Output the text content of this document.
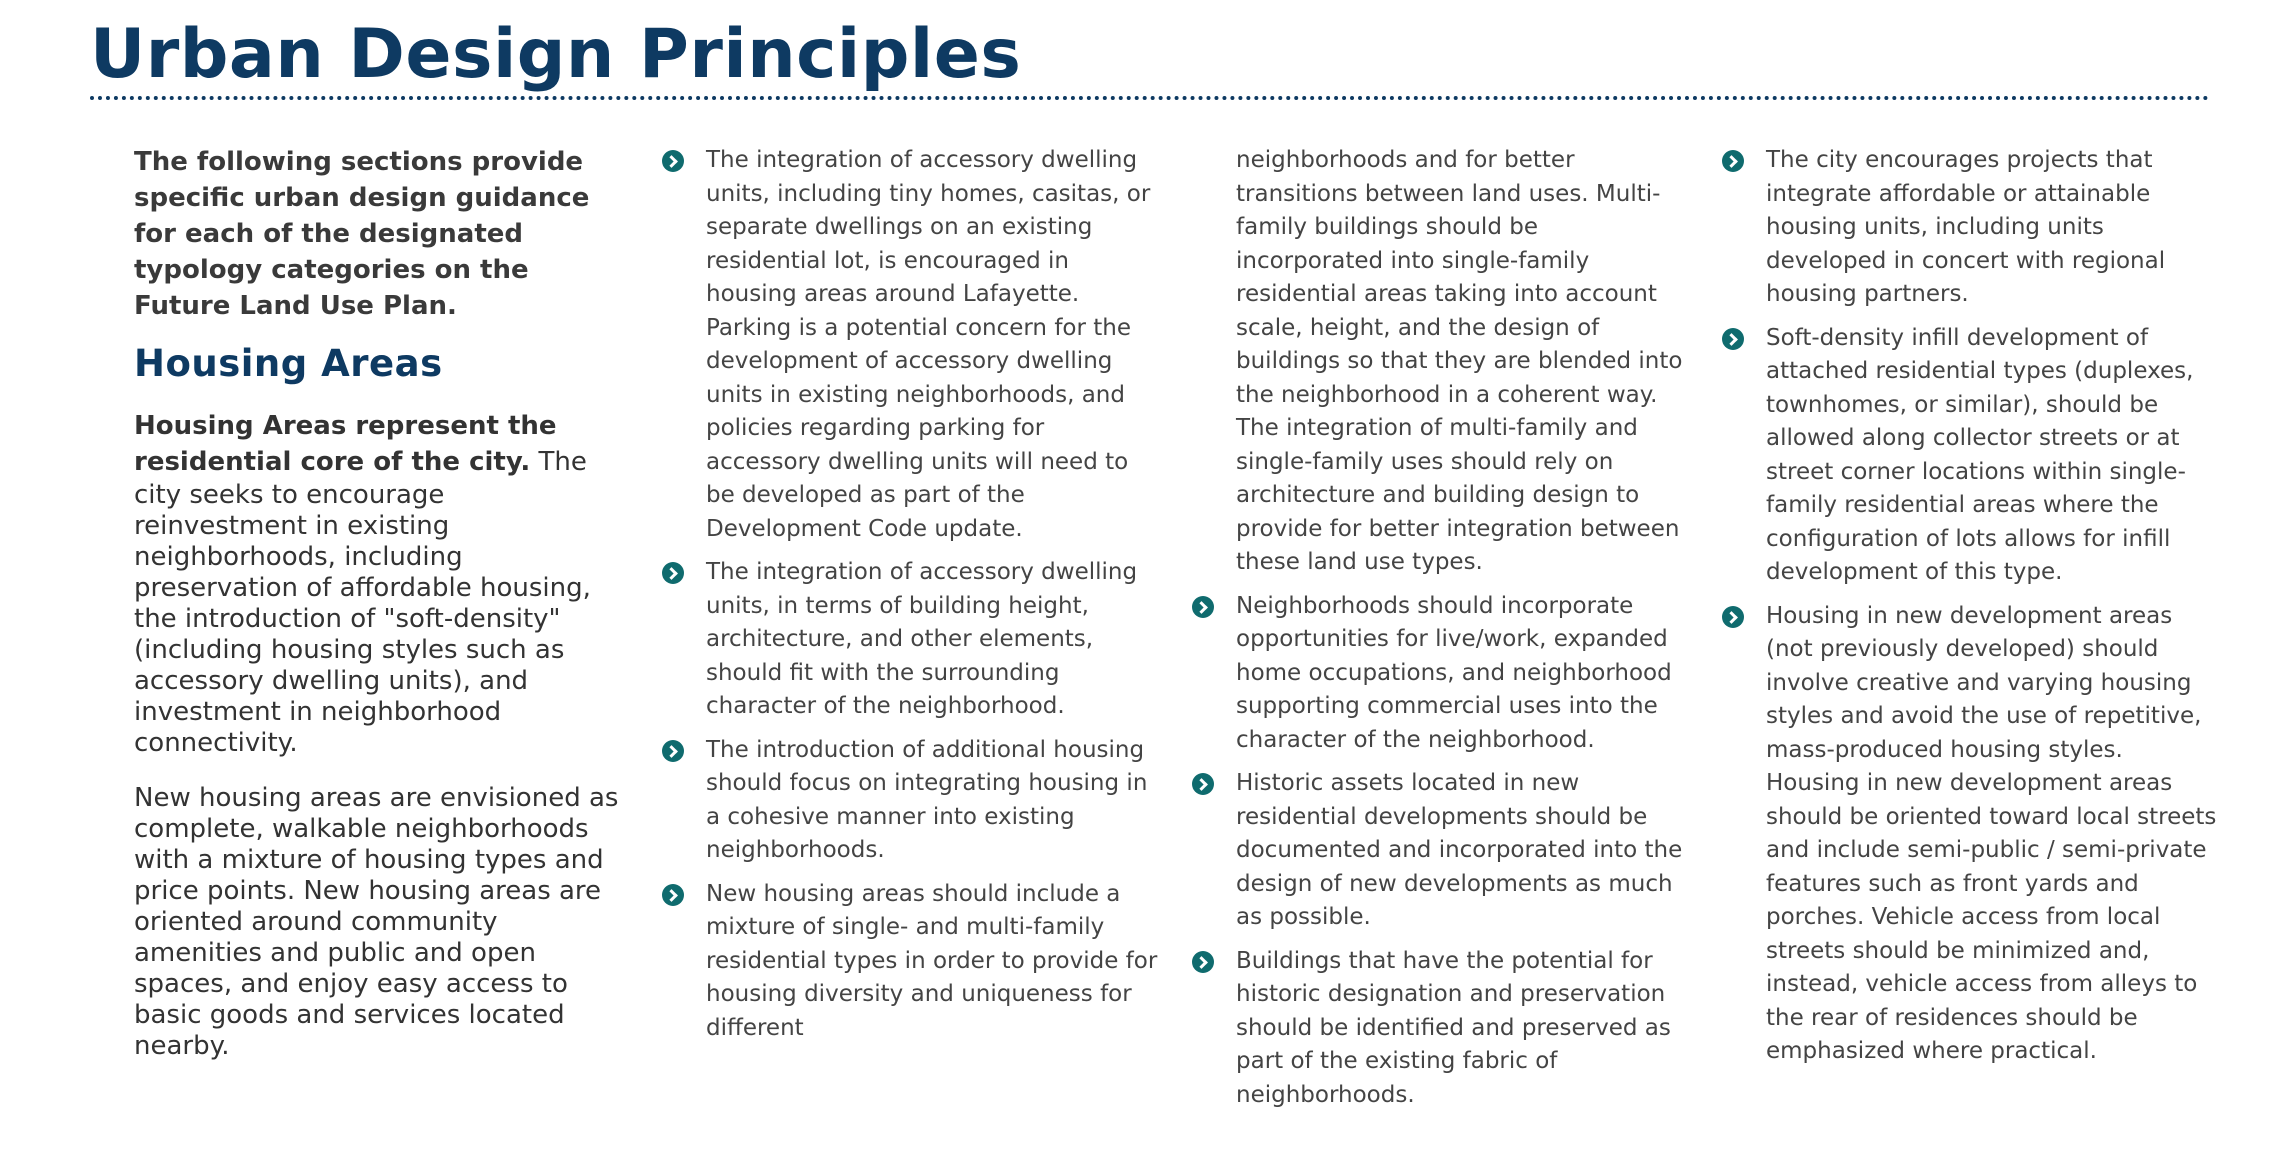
Urban Design Principles

The following sections provide specific urban design guidance for each of the designated typology categories on the Future Land Use Plan.

Housing Areas

Housing Areas represent the residential core of the city. The city seeks to encourage reinvestment in existing neighborhoods, including preservation of affordable housing, the introduction of "soft-density" (including housing styles such as accessory dwelling units), and investment in neighborhood connectivity.

New housing areas are envisioned as complete, walkable neighborhoods with a mixture of housing types and price points. New housing areas are oriented around community amenities and public and open spaces, and enjoy easy access to basic goods and services located nearby.

The integration of accessory dwelling units, including tiny homes, casitas, or separate dwellings on an existing residential lot, is encouraged in housing areas around Lafayette. Parking is a potential concern for the development of accessory dwelling units in existing neighborhoods, and policies regarding parking for accessory dwelling units will need to be developed as part of the Development Code update.
The integration of accessory dwelling units, in terms of building height, architecture, and other elements, should fit with the surrounding character of the neighborhood.
The introduction of additional housing should focus on integrating housing in a cohesive manner into existing neighborhoods.
New housing areas should include a mixture of single- and multi-family residential types in order to provide for housing diversity and uniqueness for different
neighborhoods and for better transitions between land uses. Multi-family buildings should be incorporated into single-family residential areas taking into account scale, height, and the design of buildings so that they are blended into the neighborhood in a coherent way. The integration of multi-family and single-family uses should rely on architecture and building design to provide for better integration between these land use types.
Neighborhoods should incorporate opportunities for live/work, expanded home occupations, and neighborhood supporting commercial uses into the character of the neighborhood.
Historic assets located in new residential developments should be documented and incorporated into the design of new developments as much as possible.
Buildings that have the potential for historic designation and preservation should be identified and preserved as part of the existing fabric of neighborhoods.
The city encourages projects that integrate affordable or attainable housing units, including units developed in concert with regional housing partners.
Soft-density infill development of attached residential types (duplexes, townhomes, or similar), should be allowed along collector streets or at street corner locations within single-family residential areas where the configuration of lots allows for infill development of this type.
Housing in new development areas (not previously developed) should involve creative and varying housing styles and avoid the use of repetitive, mass-produced housing styles. Housing in new development areas should be oriented toward local streets and include semi-public / semi-private features such as front yards and porches. Vehicle access from local streets should be minimized and, instead, vehicle access from alleys to the rear of residences should be emphasized where practical.
